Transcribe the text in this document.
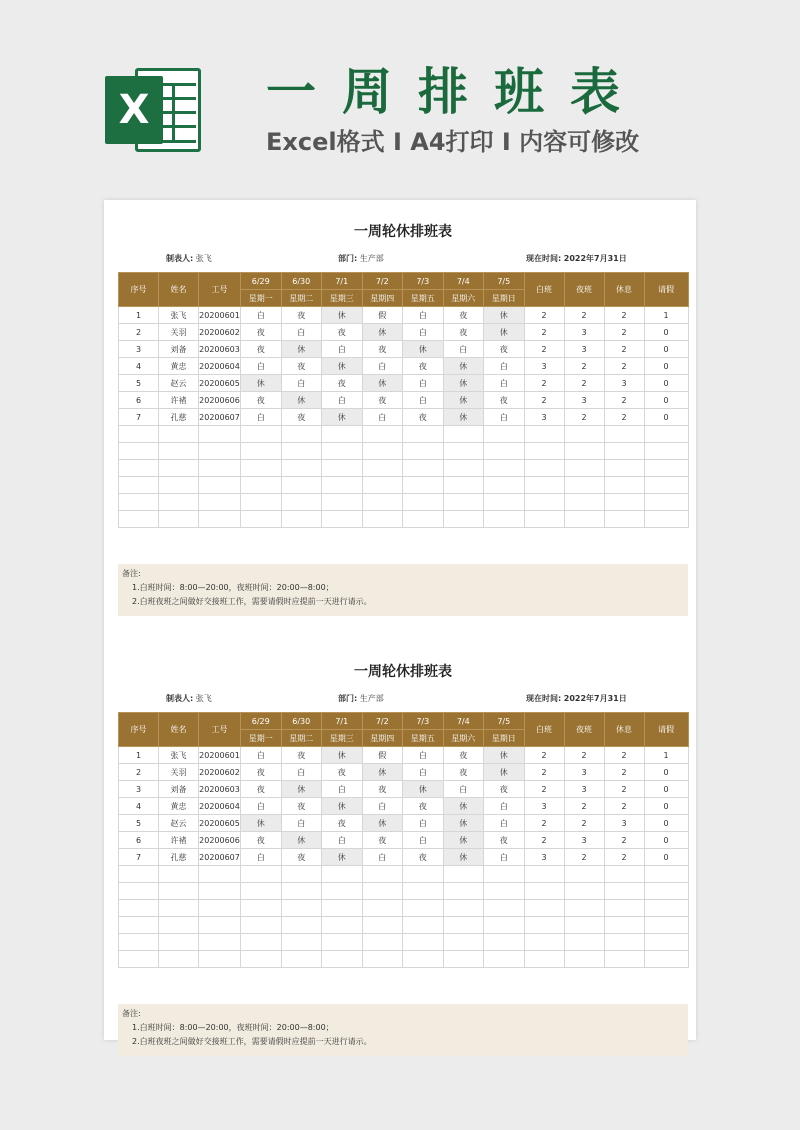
X 一周排班表
Excel格式 I A4打印 I 内容可修改
一周轮休排班表
制表人: 张飞	部门: 生产部	现在时间: 2022年7月31日
序号	姓名	工号	6/29	6/30	7/1	7/2	7/3	7/4	7/5	白班	夜班	休息	请假
			星期一	星期二	星期三	星期四	星期五	星期六	星期日				
1	张飞	20200601	白	夜	休	假	白	夜	休	2	2	2	1
2	关羽	20200602	夜	白	夜	休	白	夜	休	2	3	2	0
3	刘备	20200603	夜	休	白	夜	休	白	夜	2	3	2	0
4	黄忠	20200604	白	夜	休	白	夜	休	白	3	2	2	0
5	赵云	20200605	休	白	夜	休	白	休	白	2	2	3	0
6	许褚	20200606	夜	休	白	夜	白	休	夜	2	3	2	0
7	孔慈	20200607	白	夜	休	白	夜	休	白	3	2	2	0

备注:
1.白班时间：8:00—20:00，夜班时间：20:00—8:00；
2.白班夜班之间做好交接班工作，需要请假时应提前一天进行请示。
一周轮休排班表
制表人: 张飞	部门: 生产部	现在时间: 2022年7月31日
序号	姓名	工号	6/29	6/30	7/1	7/2	7/3	7/4	7/5	白班	夜班	休息	请假
			星期一	星期二	星期三	星期四	星期五	星期六	星期日				
1	张飞	20200601	白	夜	休	假	白	夜	休	2	2	2	1
2	关羽	20200602	夜	白	夜	休	白	夜	休	2	3	2	0
3	刘备	20200603	夜	休	白	夜	休	白	夜	2	3	2	0
4	黄忠	20200604	白	夜	休	白	夜	休	白	3	2	2	0
5	赵云	20200605	休	白	夜	休	白	休	白	2	2	3	0
6	许褚	20200606	夜	休	白	夜	白	休	夜	2	3	2	0
7	孔慈	20200607	白	夜	休	白	夜	休	白	3	2	2	0

备注:
1.白班时间：8:00—20:00，夜班时间：20:00—8:00；
2.白班夜班之间做好交接班工作，需要请假时应提前一天进行请示。
